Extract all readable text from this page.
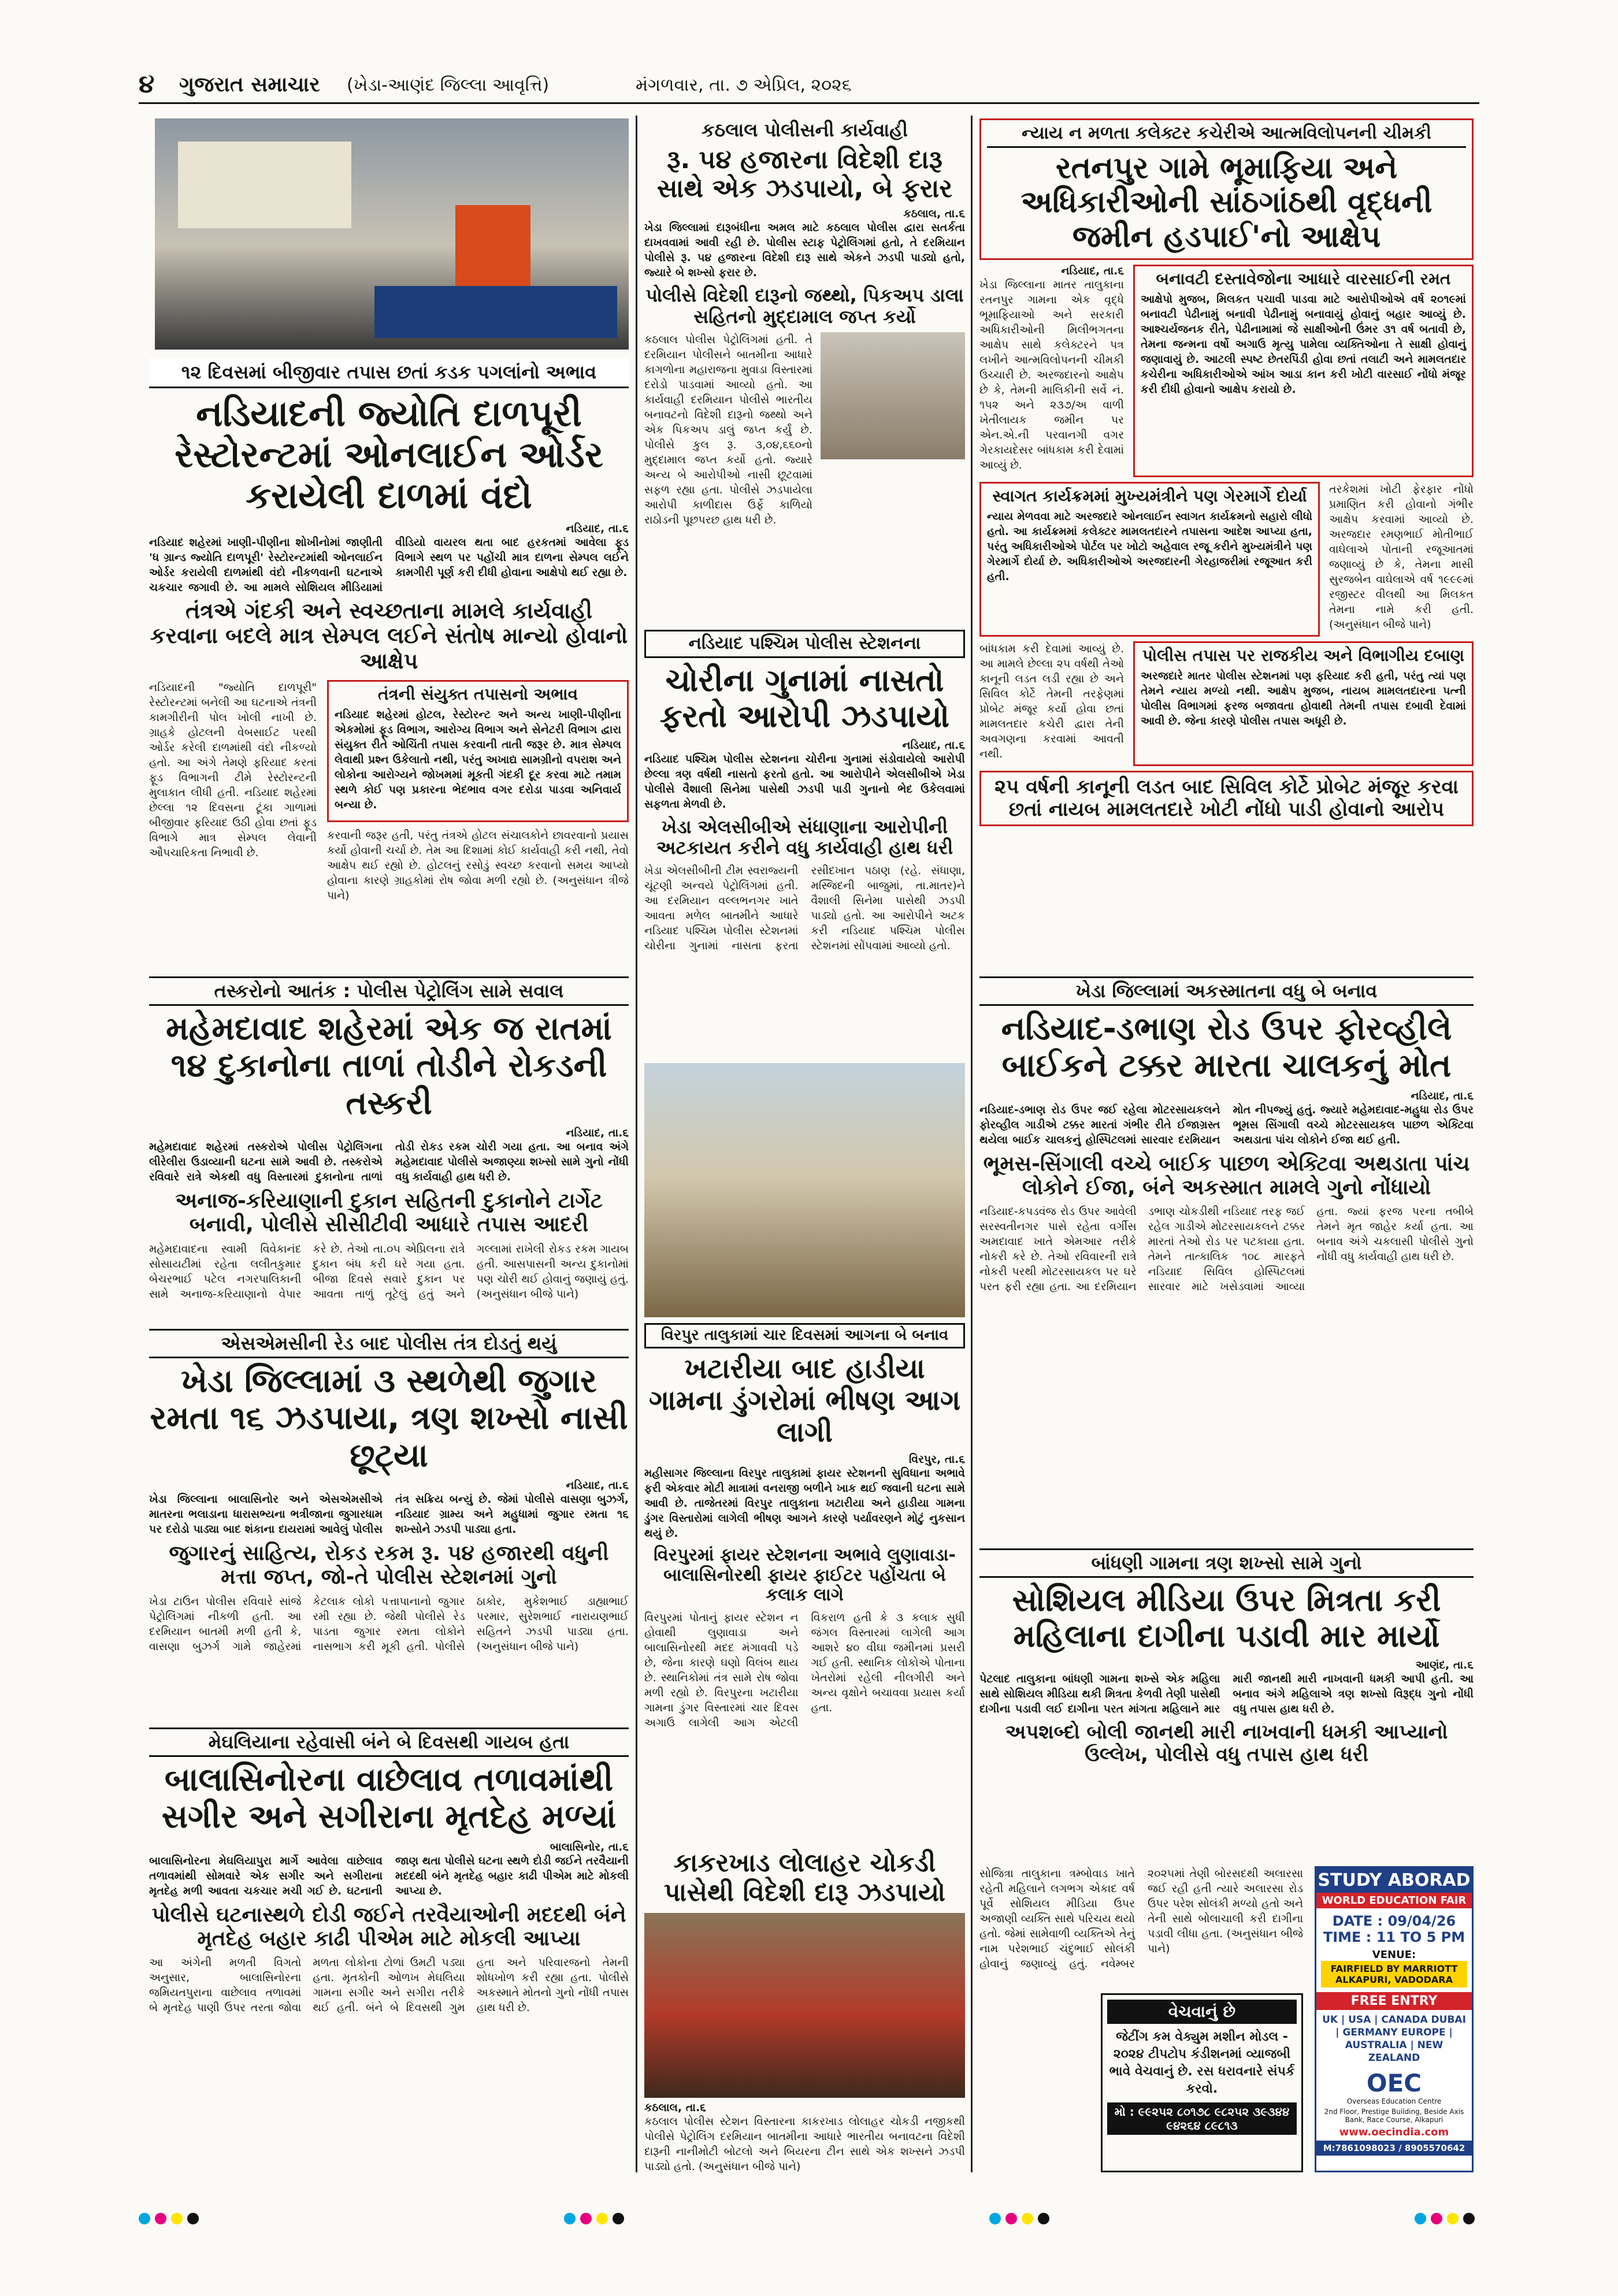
૪ ગુજરાત સમાચાર (ખેડા-આણંદ જિલ્લા આવૃત્તિ)	મંગળવાર, તા. ૭ એપ્રિલ, ૨૦૨૬
૧૨ દિવસમાં બીજીવાર તપાસ છતાં કડક પગલાંનો અભાવ
નડિયાદની જ્યોતિ દાળપૂરી રેસ્ટોરન્ટમાં ઓનલાઈન ઓર્ડર કરાયેલી દાળમાં વંદો
નડિયાદ, તા.૬

નડિયાદ શહેરમાં ખાણી-પીણીના શોખીનોમાં જાણીતી 'ધ ગ્રાન્ડ જ્યોતિ દાળપૂરી' રેસ્ટોરન્ટમાંથી ઓનલાઈન ઓર્ડર કરાયેલી દાળમાંથી વંદો નીકળવાની ઘટનાએ ચકચાર જગાવી છે. આ મામલે સોશિયલ મીડિયામાં વીડિયો વાયરલ થતા બાદ હરકતમાં આવેલા ફૂડ વિભાગે સ્થળ પર પહોંચી માત્ર દાળના સેમ્પલ લઈને કામગીરી પૂર્ણ કરી દીધી હોવાના આક્ષેપો થઈ રહ્યા છે.

તંત્રએ ગંદકી અને સ્વચ્છતાના મામલે કાર્યવાહી કરવાના બદલે માત્ર સેમ્પલ લઈને સંતોષ માન્યો હોવાનો આક્ષેપ

નડિયાદની "જ્યોતિ દાળપૂરી" રેસ્ટોરન્ટમાં બનેલી આ ઘટનાએ તંત્રની કામગીરીની પોલ ખોલી નાખી છે. ગ્રાહકે હોટલની વેબસાઈટ પરથી ઓર્ડર કરેલી દાળમાંથી વંદો નીકળ્યો હતો. આ અંગે તેમણે ફરિયાદ કરતાં ફૂડ વિભાગની ટીમે રેસ્ટોરન્ટની મુલાકાત લીધી હતી. નડિયાદ શહેરમાં છેલ્લા ૧૨ દિવસના ટૂંકા ગાળામાં બીજીવાર ફરિયાદ ઉઠી હોવા છતાં ફૂડ વિભાગે માત્ર સેમ્પલ લેવાની ઔપચારિકતા નિભાવી છે.

તંત્રની સંયુક્ત તપાસનો અભાવ

નડિયાદ શહેરમાં હોટલ, રેસ્ટોરન્ટ અને અન્ય ખાણી-પીણીના એકમોમાં ફૂડ વિભાગ, આરોગ્ય વિભાગ અને સેનેટરી વિભાગ દ્વારા સંયુક્ત રીતે ઓચિંતી તપાસ કરવાની તાતી જરૂર છે. માત્ર સેમ્પલ લેવાથી પ્રશ્ન ઉકેલાતો નથી, પરંતુ અખાદ્ય સામગ્રીનો વપરાશ અને લોકોના આરોગ્યને જોખમમાં મૂકતી ગંદકી દૂર કરવા માટે તમામ સ્થળે કોઈ પણ પ્રકારના ભેદભાવ વગર દરોડા પાડવા અનિવાર્ય બન્યા છે.

કરવાની જરૂર હતી, પરંતુ તંત્રએ હોટલ સંચાલકોને છાવરવાનો પ્રયાસ કર્યો હોવાની ચર્ચા છે. તેમ આ દિશામાં કોઈ કાર્યવાહી કરી નથી, તેવો આક્ષેપ થઈ રહ્યો છે. હોટલનું રસોડું સ્વચ્છ કરવાનો સમય આપ્યો હોવાના કારણે ગ્રાહકોમાં રોષ જોવા મળી રહ્યો છે. (અનુસંધાન ત્રીજે પાને)

તસ્કરોનો આતંક : પોલીસ પેટ્રોલિંગ સામે સવાલ
મહેમદાવાદ શહેરમાં એક જ રાતમાં ૧૪ દુકાનોના તાળાં તોડીને રોકડની તસ્કરી
નડિયાદ, તા.૬

મહેમદાવાદ શહેરમાં તસ્કરોએ પોલીસ પેટ્રોલિંગના લીરેલીરા ઉડાવ્યાની ઘટના સામે આવી છે. તસ્કરોએ રવિવારે રાત્રે એકથી વધુ વિસ્તારમાં દુકાનોના તાળાં તોડી રોકડ રકમ ચોરી ગયા હતા. આ બનાવ અંગે મહેમદાવાદ પોલીસે અજાણ્યા શખ્સો સામે ગુનો નોંધી વધુ કાર્યવાહી હાથ ધરી છે.

અનાજ-કરિયાણાની દુકાન સહિતની દુકાનોને ટાર્ગેટ બનાવી, પોલીસે સીસીટીવી આધારે તપાસ આદરી

મહેમદાવાદના સ્વામી વિવેકાનંદ સોસાયટીમાં રહેતા લલીતકુમાર બેચરભાઈ પટેલ નગરપાલિકાની સામે અનાજ-કરિયાણાનો વેપાર કરે છે. તેઓ તા.૦૫ એપ્રિલના રાત્રે દુકાન બંધ કરી ઘરે ગયા હતા. બીજા દિવસે સવારે દુકાન પર આવતા તાળું તૂટેલું હતું અને ગલ્લામાં રાખેલી રોકડ રકમ ગાયબ હતી. આસપાસની અન્ય દુકાનોમાં પણ ચોરી થઈ હોવાનું જણાયું હતું. (અનુસંધાન બીજે પાને)

એસએમસીની રેડ બાદ પોલીસ તંત્ર દોડતું થયું
ખેડા જિલ્લામાં ૩ સ્થળેથી જુગાર રમતા ૧૬ ઝડપાયા, ત્રણ શખ્સો નાસી છૂટ્યા
નડિયાદ, તા.૬

ખેડા જિલ્લાના બાલાસિનોર અને એસએમસીએ માતરના ભલાડાના ધારાસભ્યના ભત્રીજાના જુગારધામ પર દરોડો પાડ્યા બાદ શંકાના દાયરામાં આવેલું પોલીસ તંત્ર સક્રિય બન્યું છે. જેમાં પોલીસે વાસણા બુઝર્ગ, નડિયાદ ગ્રામ્ય અને મહુધામાં જુગાર રમતા ૧૬ શખ્સોને ઝડપી પાડ્યા હતા.

જુગારનું સાહિત્ય, રોકડ રકમ રૂ. ૫૪ હજારથી વધુની મત્તા જપ્ત, જો-તે પોલીસ સ્ટેશનમાં ગુનો

ખેડા ટાઉન પોલીસ રવિવારે સાંજે પેટ્રોલિંગમાં નીકળી હતી. આ દરમિયાન બાતમી મળી હતી કે, વાસણા બુઝર્ગ ગામે જાહેરમાં કેટલાક લોકો પત્તાપાનાનો જુગાર રમી રહ્યા છે. જેથી પોલીસે રેડ પાડતા જુગાર રમતા લોકોને નાસભાગ કરી મૂકી હતી. પોલીસે ઠાકોર, મુકેશભાઈ ડાહ્યાભાઈ પરમાર, સુરેશભાઈ નારાયણભાઈ સહિતને ઝડપી પાડ્યા હતા. (અનુસંધાન બીજે પાને)

મેઘલિયાના રહેવાસી બંને બે દિવસથી ગાયબ હતા
બાલાસિનોરના વાછેલાવ તળાવમાંથી સગીર અને સગીરાના મૃતદેહ મળ્યાં
બાલાસિનોર, તા.૬

બાલાસિનોરના મેઘલિયાપુરા માર્ગે આવેલા વાછેલાવ તળાવમાંથી સોમવારે એક સગીર અને સગીરાના મૃતદેહ મળી આવતા ચકચાર મચી ગઈ છે. ઘટનાની જાણ થતા પોલીસે ઘટના સ્થળે દોડી જઈને તરવૈયાની મદદથી બંને મૃતદેહ બહાર કાઢી પીએમ માટે મોકલી આપ્યા છે.

પોલીસે ઘટનાસ્થળે દોડી જઈને તરવૈયાઓની મદદથી બંને મૃતદેહ બહાર કાઢી પીએમ માટે મોકલી આપ્યા

આ અંગેની મળતી વિગતો અનુસાર, બાલાસિનોરના જમિયતપુરાના વાછેલાવ તળાવમાં બે મૃતદેહ પાણી ઉપર તરતા જોવા મળતા લોકોના ટોળાં ઉમટી પડ્યા હતા. મૃતકોની ઓળખ મેઘલિયા ગામના સગીર અને સગીરા તરીકે થઈ હતી. બંને બે દિવસથી ગુમ હતા અને પરિવારજનો તેમની શોધખોળ કરી રહ્યા હતા. પોલીસે અકસ્માતે મોતનો ગુનો નોંધી તપાસ હાથ ધરી છે.

કઠલાલ પોલીસની કાર્યવાહી
રૂ. ૫૪ હજારના વિદેશી દારૂ સાથે એક ઝડપાયો, બે ફરાર
કઠલાલ, તા.૬

ખેડા જિલ્લામાં દારૂબંધીના અમલ માટે કઠલાલ પોલીસ દ્વારા સતર્કતા દાખવવામાં આવી રહી છે. પોલીસ સ્ટાફ પેટ્રોલિંગમાં હતો, તે દરમિયાન પોલીસે રૂ. ૫૪ હજારના વિદેશી દારૂ સાથે એકને ઝડપી પાડ્યો હતો, જ્યારે બે શખ્સો ફરાર છે.

પોલીસે વિદેશી દારૂનો જથ્થો, પિકઅપ ડાલા સહિતનો મુદ્દામાલ જપ્ત કર્યો

કઠલાલ પોલીસ પેટ્રોલિંગમાં હતી. તે દરમિયાન પોલીસને બાતમીના આધારે કાગળોના મહારાજના મુવાડા વિસ્તારમાં દરોડો પાડવામાં આવ્યો હતો. આ કાર્યવાહી દરમિયાન પોલીસે ભારતીય બનાવટનો વિદેશી દારૂનો જથ્થો અને એક પિકઅપ ડાલું જપ્ત કર્યું છે. પોલીસે કુલ રૂ. ૩,૦૪,૬૬૦નો મુદ્દામાલ જપ્ત કર્યો હતો. જ્યારે અન્ય બે આરોપીઓ નાસી છૂટવામાં સફળ રહ્યા હતા. પોલીસે ઝડપાયેલા આરોપી કાળીદાસ ઉર્ફે કાળિયો રાઠોડની પૂછપરછ હાથ ધરી છે.

નડિયાદ પશ્ચિમ પોલીસ સ્ટેશનના
ચોરીના ગુનામાં નાસતો ફરતો આરોપી ઝડપાયો
નડિયાદ, તા.૬

નડિયાદ પશ્ચિમ પોલીસ સ્ટેશનના ચોરીના ગુનામાં સંડોવાયેલો આરોપી છેલ્લા ત્રણ વર્ષથી નાસતો ફરતો હતો. આ આરોપીને એલસીબીએ ખેડા પોલીસે વૈશાલી સિનેમા પાસેથી ઝડપી પાડી ગુનાનો ભેદ ઉકેલવામાં સફળતા મેળવી છે.

ખેડા એલસીબીએ સંધાણાના આરોપીની અટકાયત કરીને વધુ કાર્યવાહી હાથ ધરી

ખેડા એલસીબીની ટીમ સ્વરાજ્યની ચૂંટણી અન્વયે પેટ્રોલિંગમાં હતી. આ દરમિયાન વલ્લભનગર ખાતે આવતા મળેલ બાતમીને આધારે નડિયાદ પશ્ચિમ પોલીસ સ્ટેશનમાં ચોરીના ગુનામાં નાસતા ફરતા રસીદખાન પઠાણ (રહે. સંધાણા, મસ્જિદની બાજુમાં, તા.માતર)ને વૈશાલી સિનેમા પાસેથી ઝડપી પાડ્યો હતો. આ આરોપીને અટક કરી નડિયાદ પશ્ચિમ પોલીસ સ્ટેશનમાં સોંપવામાં આવ્યો હતો.

વિરપુર તાલુકામાં ચાર દિવસમાં આગના બે બનાવ
ખટારીયા બાદ હાડીયા ગામના ડુંગરોમાં ભીષણ આગ લાગી
વિરપુર, તા.૬

મહીસાગર જિલ્લાના વિરપુર તાલુકામાં ફાયર સ્ટેશનની સુવિધાના અભાવે ફરી એકવાર મોટી માત્રામાં વનરાજી બળીને ખાક થઈ જવાની ઘટના સામે આવી છે. તાજેતરમાં વિરપુર તાલુકાના ખટારીયા અને હાડીયા ગામના ડુંગર વિસ્તારોમાં લાગેલી ભીષણ આગને કારણે પર્યાવરણને મોટું નુકસાન થયું છે.

વિરપુરમાં ફાયર સ્ટેશનના અભાવે લુણાવાડા-બાલાસિનોરથી ફાયર ફાઈટર પહોંચતા બે કલાક લાગે

વિરપુરમાં પોતાનું ફાયર સ્ટેશન ન હોવાથી લુણાવાડા અને બાલાસિનોરથી મદદ મંગાવવી પડે છે, જેના કારણે ઘણો વિલંબ થાય છે. સ્થાનિકોમાં તંત્ર સામે રોષ જોવા મળી રહ્યો છે. વિરપુરના ખટારીયા ગામના ડુંગર વિસ્તારમાં ચાર દિવસ અગાઉ લાગેલી આગ એટલી વિકરાળ હતી કે ૩ કલાક સુધી જંગલ વિસ્તારમાં લાગેલી આગ આશરે ૪૦ વીઘા જમીનમાં પ્રસરી ગઈ હતી. સ્થાનિક લોકોએ પોતાના ખેતરોમાં રહેલી નીલગીરી અને અન્ય વૃક્ષોને બચાવવા પ્રયાસ કર્યા હતા.

કાકરખાડ લોલાહર ચોકડી પાસેથી વિદેશી દારૂ ઝડપાયો
કઠલાલ, તા.૬

કઠલાલ પોલીસ સ્ટેશન વિસ્તારના કાકરખાડ લોલાહર ચોકડી નજીકથી પોલીસે પેટ્રોલિંગ દરમિયાન બાતમીના આધારે ભારતીય બનાવટના વિદેશી દારૂની નાનીમોટી બોટલો અને બિયરના ટીન સાથે એક શખ્સને ઝડપી પાડ્યો હતો. (અનુસંધાન બીજે પાને)

ન્યાય ન મળતા કલેક્ટર કચેરીએ આત્મવિલોપનની ચીમકી
રતનપુર ગામે ભૂમાફિયા અને અધિકારીઓની સાંઠગાંઠથી વૃદ્ધની જમીન હડપાઈ'નો આક્ષેપ
નડિયાદ, તા.૬

ખેડા જિલ્લાના માતર તાલુકાના રતનપુર ગામના એક વૃદ્ધે ભૂમાફિયાઓ અને સરકારી અધિકારીઓની મિલીભગતના આક્ષેપ સાથે કલેક્ટરને પત્ર લખીને આત્મવિલોપનની ચીમકી ઉચ્ચારી છે. અરજદારનો આક્ષેપ છે કે, તેમની માલિકીની સર્વે નં. ૧૫૨ અને ૨૩૭/અ વાળી ખેતીલાયક જમીન પર એન.એ.ની પરવાનગી વગર ગેરકાયદેસર બાંધકામ કરી દેવામાં આવ્યું છે.

બનાવટી દસ્તાવેજોના આધારે વારસાઈની રમત

આક્ષેપો મુજબ, મિલકત પચાવી પાડવા માટે આરોપીઓએ વર્ષ ૨૦૧૯માં બનાવટી પેઢીનામું બનાવી પેઢીનામું બનાવાયું હોવાનું બહાર આવ્યું છે. આશ્ચર્યજનક રીતે, પેઢીનામામાં જે સાક્ષીઓની ઉંમર ૩૧ વર્ષ બતાવી છે, તેમના જન્મના વર્ષો અગાઉ મૃત્યુ પામેલા વ્યક્તિઓના તે સાક્ષી હોવાનું જણાવાયું છે. આટલી સ્પષ્ટ છેતરપિંડી હોવા છતાં તલાટી અને મામલતદાર કચેરીના અધિકારીઓએ આંખ આડા કાન કરી ખોટી વારસાઈ નોંધો મંજૂર કરી દીધી હોવાનો આક્ષેપ કરાયો છે.

સ્વાગત કાર્યક્રમમાં મુખ્યમંત્રીને પણ ગેરમાર્ગે દોર્યા

ન્યાય મેળવવા માટે અરજદારે ઓનલાઈન સ્વાગત કાર્યક્રમનો સહારો લીધો હતો. આ કાર્યક્રમમાં કલેક્ટર મામલતદારને તપાસના આદેશ આપ્યા હતા, પરંતુ અધિકારીઓએ પોર્ટલ પર ખોટો અહેવાલ રજૂ કરીને મુખ્યમંત્રીને પણ ગેરમાર્ગે દોર્યા છે. અધિકારીઓએ અરજદારની ગેરહાજરીમાં રજૂઆત કરી હતી.

તરકેશમાં ખોટી ફેરફાર નોંધો પ્રમાણિત કરી હોવાનો ગંભીર આક્ષેપ કરવામાં આવ્યો છે. અરજદાર રમણભાઈ મોતીભાઈ વાઘેલાએ પોતાની રજૂઆતમાં જણાવ્યું છે કે, તેમના માસી સુરજબેન વાઘેલાએ વર્ષ ૧૯૯૯માં રજીસ્ટર વીલથી આ મિલકત તેમના નામે કરી હતી. (અનુસંધાન બીજે પાને)

બાંધકામ કરી દેવામાં આવ્યું છે. આ મામલે છેલ્લા ૨૫ વર્ષથી તેઓ કાનૂની લડત લડી રહ્યા છે અને સિવિલ કોર્ટે તેમની તરફેણમાં પ્રોબેટ મંજૂર કર્યો હોવા છતાં મામલતદાર કચેરી દ્વારા તેની અવગણના કરવામાં આવતી નથી.

પોલીસ તપાસ પર રાજકીય અને વિભાગીય દબાણ

અરજદારે માતર પોલીસ સ્ટેશનમાં પણ ફરિયાદ કરી હતી, પરંતુ ત્યાં પણ તેમને ન્યાય મળ્યો નથી. આક્ષેપ મુજબ, નાયબ મામલતદારના પત્ની પોલીસ વિભાગમાં ફરજ બજાવતા હોવાથી તેમની તપાસ દબાવી દેવામાં આવી છે. જેના કારણે પોલીસ તપાસ અધૂરી છે.

૨૫ વર્ષની કાનૂની લડત બાદ સિવિલ કોર્ટે પ્રોબેટ મંજૂર કરવા છતાં નાયબ મામલતદારે ખોટી નોંધો પાડી હોવાનો આરોપ
ખેડા જિલ્લામાં અકસ્માતના વધુ બે બનાવ
નડિયાદ-ડભાણ રોડ ઉપર ફોરવ્હીલે બાઈકને ટક્કર મારતા ચાલકનું મોત
નડિયાદ, તા.૬

નડિયાદ-ડભાણ રોડ ઉપર જઈ રહેલા મોટરસાયકલને ફોરવ્હીલ ગાડીએ ટક્કર મારતાં ગંભીર રીતે ઈજાગ્રસ્ત થયેલા બાઈક ચાલકનું હોસ્પિટલમાં સારવાર દરમિયાન મોત નીપજ્યું હતું. જ્યારે મહેમદાવાદ-મહુધા રોડ ઉપર ભૂમસ સિંગાલી વચ્ચે મોટરસાયકલ પાછળ એક્ટિવા અથડાતા પાંચ લોકોને ઈજા થઈ હતી.

ભૂમસ-સિંગાલી વચ્ચે બાઈક પાછળ એક્ટિવા અથડાતા પાંચ લોકોને ઈજા, બંને અકસ્માત મામલે ગુનો નોંધાયો

નડિયાદ-કપડવંજ રોડ ઉપર આવેલી સરસ્વતીનગર પાસે રહેતા વર્ગીસ અમદાવાદ ખાતે એમઆર તરીકે નોકરી કરે છે. તેઓ રવિવારની રાત્રે નોકરી પરથી મોટરસાયકલ પર ઘરે પરત ફરી રહ્યા હતા. આ દરમિયાન ડભાણ ચોકડીથી નડિયાદ તરફ જઈ રહેલ ગાડીએ મોટરસાયકલને ટક્કર મારતાં તેઓ રોડ પર પટકાયા હતા. તેમને તાત્કાલિક ૧૦૮ મારફતે નડિયાદ સિવિલ હોસ્પિટલમાં સારવાર માટે ખસેડવામાં આવ્યા હતા. જ્યાં ફરજ પરના તબીબે તેમને મૃત જાહેર કર્યા હતા. આ બનાવ અંગે ચકલાસી પોલીસે ગુનો નોંધી વધુ કાર્યવાહી હાથ ધરી છે.

બાંધણી ગામના ત્રણ શખ્સો સામે ગુનો
સોશિયલ મીડિયા ઉપર મિત્રતા કરી મહિલાના દાગીના પડાવી માર માર્યો
આણંદ, તા.૬

પેટલાદ તાલુકાના બાંધણી ગામના શખ્સે એક મહિલા સાથે સોશિયલ મીડિયા થકી મિત્રતા કેળવી તેણી પાસેથી દાગીના પડાવી લઈ દાગીના પરત માંગતા મહિલાને માર મારી જાનથી મારી નાખવાની ધમકી આપી હતી. આ બનાવ અંગે મહિલાએ ત્રણ શખ્સો વિરૂદ્ધ ગુનો નોંધી વધુ તપાસ હાથ ધરી છે.

અપશબ્દો બોલી જાનથી મારી નાખવાની ધમકી આપ્યાનો ઉલ્લેખ, પોલીસે વધુ તપાસ હાથ ધરી

સોજિત્રા તાલુકાના ત્રમ્બોવાડ ખાતે રહેતી મહિલાને લગભગ એકાદ વર્ષ પૂર્વે સોશિયલ મીડિયા ઉપર અજાણી વ્યક્તિ સાથે પરિચય થયો હતો. જેમાં સામેવાળી વ્યક્તિએ તેનું નામ પરેશભાઈ ચંદુભાઈ સોલંકી હોવાનું જણાવ્યું હતું. નવેમ્બર ૨૦૨૫માં તેણી બોરસદથી અલારસા જઈ રહી હતી ત્યારે અલારસા રોડ ઉપર પરેશ સોલંકી મળ્યો હતો અને તેની સાથે બોલાચાલી કરી દાગીના પડાવી લીધા હતા. (અનુસંધાન બીજે પાને)

વેચવાનું છે
જેટીંગ કમ વેક્યુમ મશીન મોડલ - ૨૦૨૪ ટીપટોપ કંડીશનમાં વ્યાજબી ભાવે વેચવાનું છે. રસ ધરાવનારે સંપર્ક કરવો.
મો : ૯૯૨૫૨ ૮૦૧૭૮ ૯૮૨૫૨ ૩૯૩૪૪ ૯૪૨૬૪ ૮૯૮૧૩
STUDY ABORAD
WORLD EDUCATION FAIR
DATE : 09/04/26
TIME : 11 TO 5 PM
VENUE:
FAIRFIELD BY MARRIOTT ALKAPURI, VADODARA
FREE ENTRY
UK | USA | CANADA DUBAI | GERMANY EUROPE | AUSTRALIA | NEW ZEALAND
OEC
Overseas Education Centre
2nd Floor, Prestige Building, Beside Axis Bank, Race Course, Alkapuri
www.oecindia.com
M:7861098023 / 8905570642
